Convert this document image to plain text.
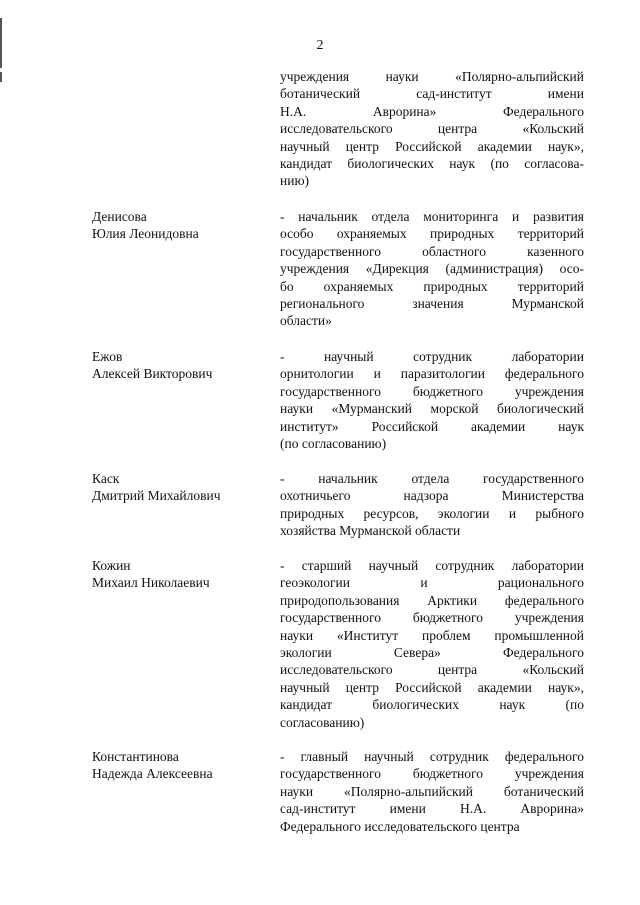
2
учреждения науки «Полярно-альпийский
ботанический сад-институт имени
Н.А. Аврорина» Федерального
исследовательского центра «Кольский
научный центр Российской академии наук»,
кандидат биологических наук (по согласова-
нию)
Денисова
Юлия Леонидовна
- начальник отдела мониторинга и развития
особо охраняемых природных территорий
государственного областного казенного
учреждения «Дирекция (администрация) осо-
бо охраняемых природных территорий
регионального значения Мурманской
области»
Ежов
Алексей Викторович
- научный сотрудник лаборатории
орнитологии и паразитологии федерального
государственного бюджетного учреждения
науки «Мурманский морской биологический
институт» Российской академии наук
(по согласованию)
Каск
Дмитрий Михайлович
- начальник отдела государственного
охотничьего надзора Министерства
природных ресурсов, экологии и рыбного
хозяйства Мурманской области
Кожин
Михаил Николаевич
- старший научный сотрудник лаборатории
геоэкологии и рационального
природопользования Арктики федерального
государственного бюджетного учреждения
науки «Институт проблем промышленной
экологии Севера» Федерального
исследовательского центра «Кольский
научный центр Российской академии наук»,
кандидат биологических наук (по
согласованию)
Константинова
Надежда Алексеевна
- главный научный сотрудник федерального
государственного бюджетного учреждения
науки «Полярно-альпийский ботанический
сад-институт имени Н.А. Аврорина»
Федерального исследовательского центра
